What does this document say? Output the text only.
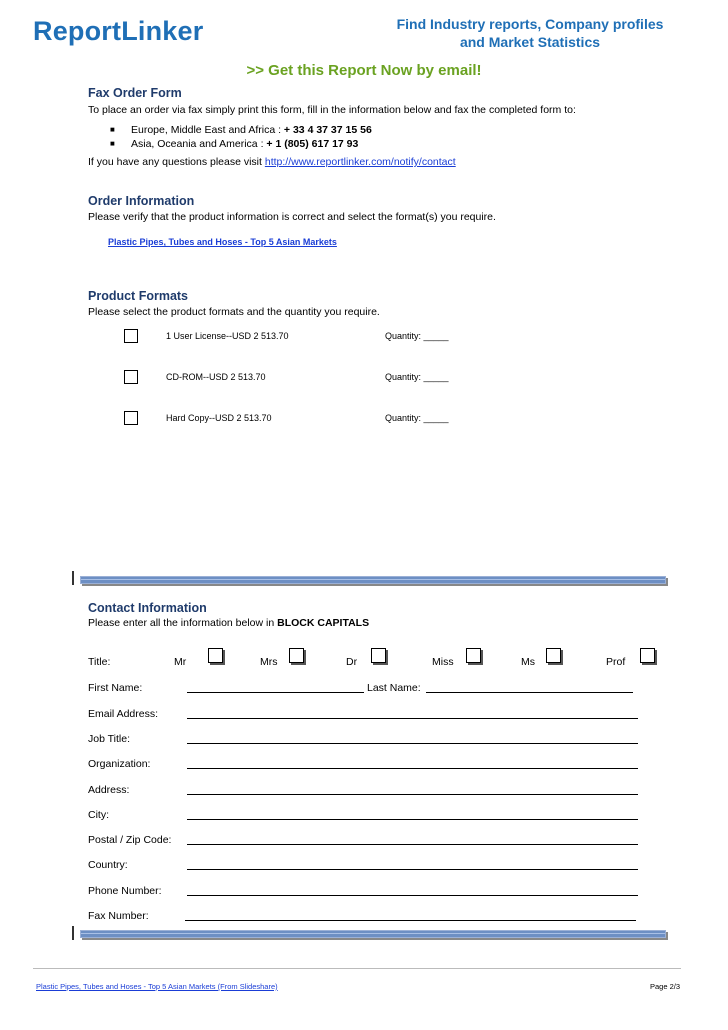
ReportLinker	Find Industry reports, Company profiles
and Market Statistics
>> Get this Report Now by email!
Fax Order Form
To place an order via fax simply print this form, fill in the information below and fax the completed form to:
■ Europe, Middle East and Africa : + 33 4 37 37 15 56
■ Asia, Oceania and America : + 1 (805) 617 17 93
If you have any questions please visit http://www.reportlinker.com/notify/contact
Order Information
Please verify that the product information is correct and select the format(s) you require.
Plastic Pipes, Tubes and Hoses - Top 5 Asian Markets
Product Formats
Please select the product formats and the quantity you require.
1 User License--USD 2 513.70	Quantity: _____
CD-ROM--USD 2 513.70	Quantity: _____
Hard Copy--USD 2 513.70	Quantity: _____
Contact Information
Please enter all the information below in BLOCK CAPITALS
Title:	Mr	Mrs	Dr	Miss	Ms	Prof
First Name:	Last Name:
Email Address:
Job Title:
Organization:
Address:
City:
Postal / Zip Code:
Country:
Phone Number:
Fax Number:
Plastic Pipes, Tubes and Hoses - Top 5 Asian Markets (From Slideshare)	Page 2/3
